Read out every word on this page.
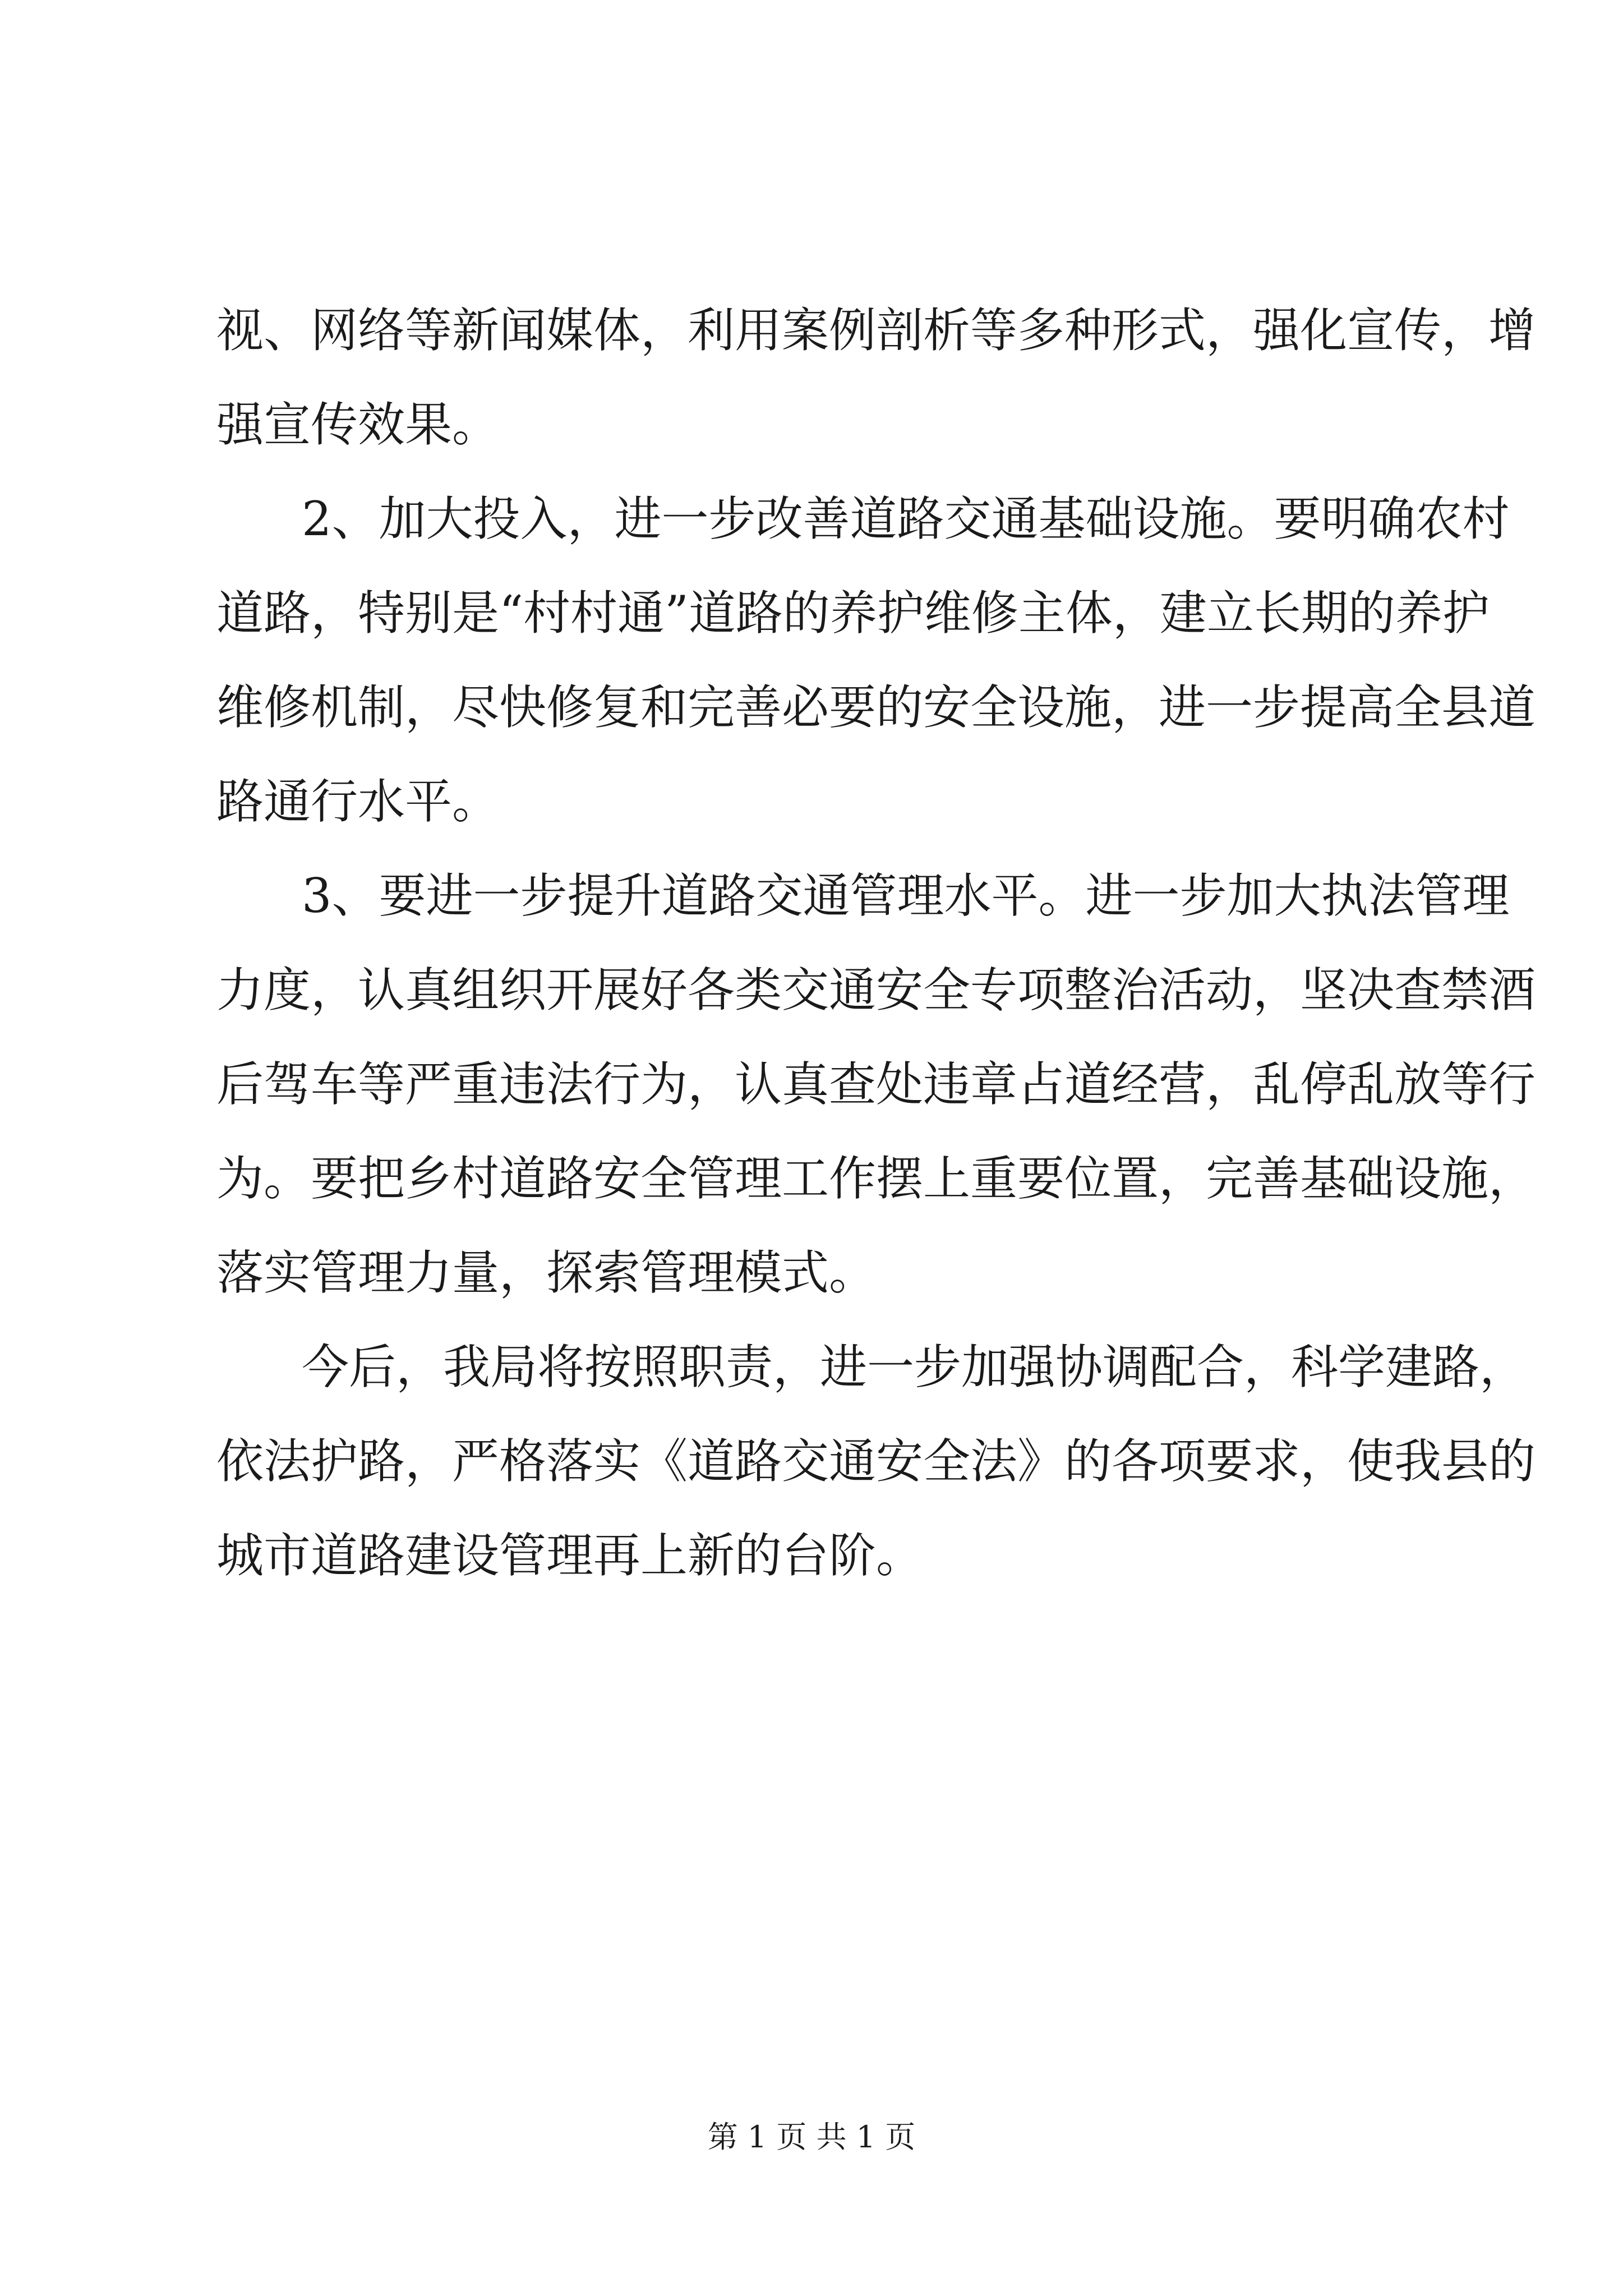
视、网络等新闻媒体，利用案例剖析等多种形式，强化宣传，增

强宣传效果。

2、加大投入，进一步改善道路交通基础设施。要明确农村

道路，特别是“村村通”道路的养护维修主体，建立长期的养护

维修机制，尽快修复和完善必要的安全设施，进一步提高全县道

路通行水平。

3、要进一步提升道路交通管理水平。进一步加大执法管理

力度，认真组织开展好各类交通安全专项整治活动，坚决查禁酒

后驾车等严重违法行为，认真查处违章占道经营，乱停乱放等行

为。要把乡村道路安全管理工作摆上重要位置，完善基础设施，

落实管理力量，探索管理模式。

今后，我局将按照职责，进一步加强协调配合，科学建路，

依法护路，严格落实《道路交通安全法》的各项要求，使我县的

城市道路建设管理再上新的台阶。

第 1 页 共 1 页
